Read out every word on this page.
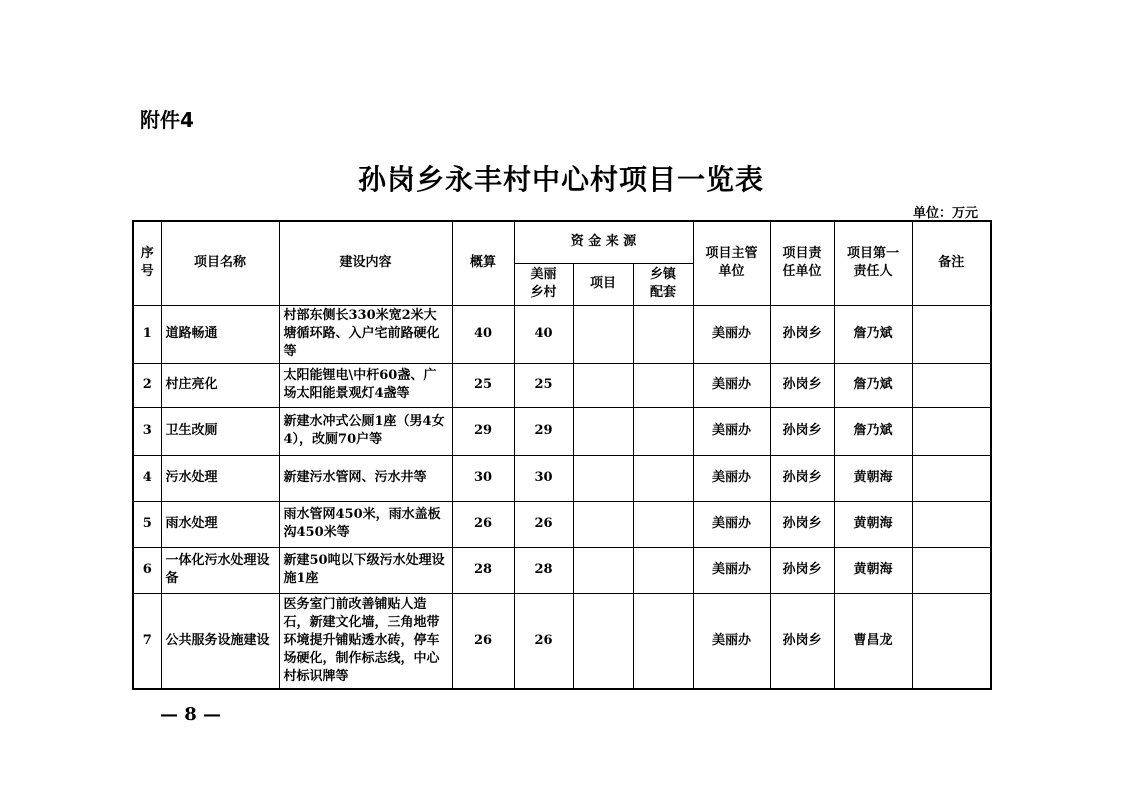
附件4
孙岗乡永丰村中心村项目一览表
单位：万元
序号	项目名称	建设内容	概算	资 金 来 源			项目主管单位	项目责任单位	项目第一责任人	备注
				美丽乡村	项目	乡镇配套				
1	道路畅通	村部东侧长330米宽2米大塘循环路、入户宅前路硬化等	40	40			美丽办	孙岗乡	詹乃斌	
2	村庄亮化	太阳能锂电\中杆60盏、广场太阳能景观灯4盏等	25	25			美丽办	孙岗乡	詹乃斌	
3	卫生改厕	新建水冲式公厕1座（男4女4），改厕70户等	29	29			美丽办	孙岗乡	詹乃斌	
4	污水处理	新建污水管网、污水井等	30	30			美丽办	孙岗乡	黄朝海	
5	雨水处理	雨水管网450米，雨水盖板沟450米等	26	26			美丽办	孙岗乡	黄朝海	
6	一体化污水处理设备	新建50吨以下级污水处理设施1座	28	28			美丽办	孙岗乡	黄朝海	
7	公共服务设施建设	医务室门前改善铺贴人造石，新建文化墙，三角地带环境提升铺贴透水砖，停车场硬化，制作标志线，中心村标识牌等	26	26			美丽办	孙岗乡	曹昌龙	
— 8 —
